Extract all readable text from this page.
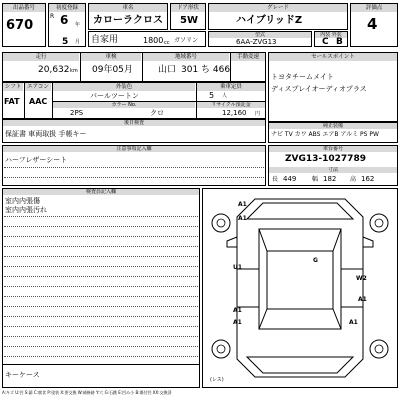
出品番号
670
初度登録
R 6 年
5 月
車名
カローラクロス
ドア形状
5W
グレード
ハイブリッドZ
評価点
4
自家用	1800 cc ガソリン
型式
6AA-ZVG13
内装 外装
C B
走行	車検	地域番号	手動変速
20,632 km 09年05月	山口 301 ち 466
シフト	エアコン	外装色	乗車定員
FAT AAC
パールツートン	5 人
カラー No.	リサイクル預託金
2PS	クロ	12,160 円
後日検査
保証書 車両取扱 手帳キー
セールスポイント
トヨタチームメイト
ディスプレイオーディオプラス
純正装備
ナビ TV カワ ABS エアB アルミ PS PW
注意事項記入欄
ハーフレザーシート
車台番号
ZVG13-1027789
寸法
長 449	幅 182 高 162
検査員記入欄
室内内張傷
室内内張汚れ
キーケース
A1
A1
G
U1
W2
A1
A1
A1	A1
(レス)
A:キズ U:凹 S:錆 C:腐食 P:塗装 X:要交換 W:補修跡 Y:穴 G:石跳 E:凹み小 B:傷付凹 XX:交換済
